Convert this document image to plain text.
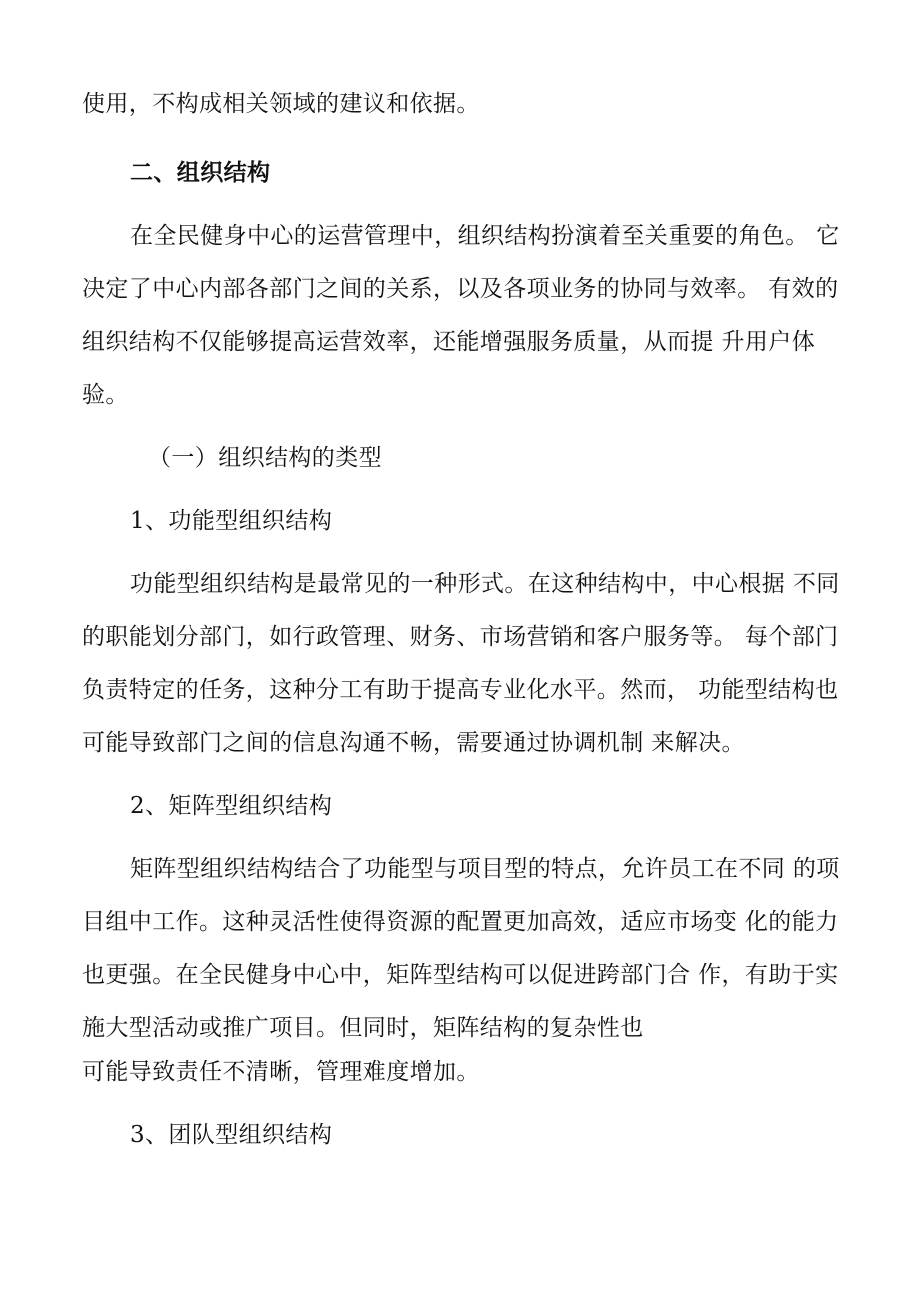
使用，不构成相关领域的建议和依据。
二、组织结构
在全民健身中心的运营管理中，组织结构扮演着至关重要的角色。 它
决定了中心内部各部门之间的关系，以及各项业务的协同与效率。 有效的
组织结构不仅能够提高运营效率，还能增强服务质量，从而提 升用户体
验。
（一）组织结构的类型
1、功能型组织结构
功能型组织结构是最常见的一种形式。在这种结构中，中心根据 不同
的职能划分部门，如行政管理、财务、市场营销和客户服务等。 每个部门
负责特定的任务，这种分工有助于提高专业化水平。然而， 功能型结构也
可能导致部门之间的信息沟通不畅，需要通过协调机制 来解决。
2、矩阵型组织结构
矩阵型组织结构结合了功能型与项目型的特点，允许员工在不同 的项
目组中工作。这种灵活性使得资源的配置更加高效，适应市场变 化的能力
也更强。在全民健身中心中，矩阵型结构可以促进跨部门合 作，有助于实
施大型活动或推广项目。但同时，矩阵结构的复杂性也
可能导致责任不清晰，管理难度增加。
3、团队型组织结构
